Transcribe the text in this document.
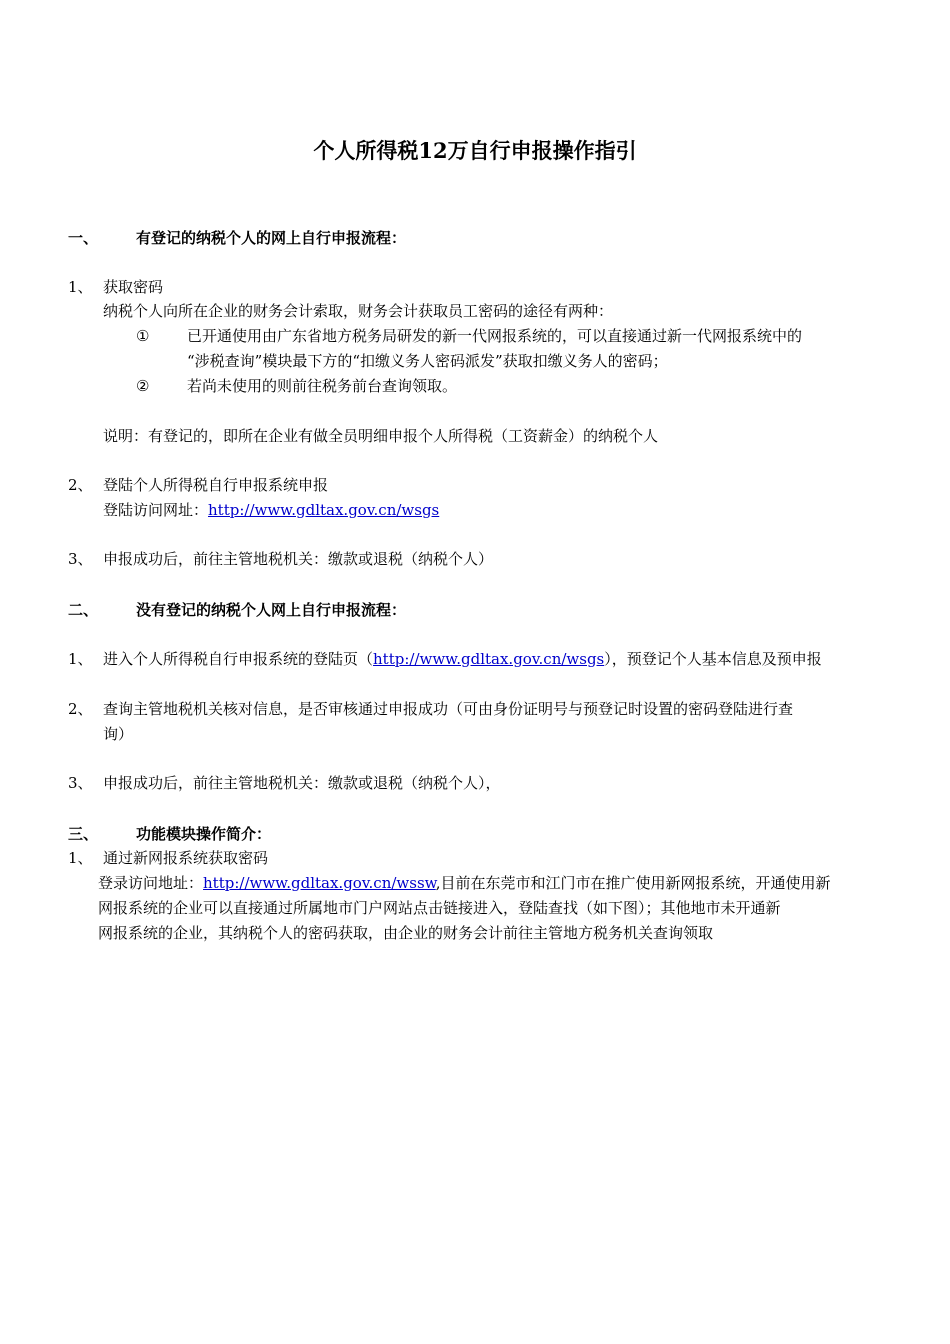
个人所得税12万自行申报操作指引
一、	有登记的纳税个人的网上自行申报流程：
1、 获取密码
纳税个人向所在企业的财务会计索取，财务会计获取员工密码的途径有两种：
①	已开通使用由广东省地方税务局研发的新一代网报系统的，可以直接通过新一代网报系统中的
“涉税查询”模块最下方的“扣缴义务人密码派发”获取扣缴义务人的密码；
②	若尚未使用的则前往税务前台查询领取。
说明：有登记的，即所在企业有做全员明细申报个人所得税（工资薪金）的纳税个人
2、 登陆个人所得税自行申报系统申报
登陆访问网址：http://www.gdltax.gov.cn/wsgs
3、 申报成功后，前往主管地税机关：缴款或退税（纳税个人）
二、	没有登记的纳税个人网上自行申报流程：
1、 进入个人所得税自行申报系统的登陆页（http://www.gdltax.gov.cn/wsgs），预登记个人基本信息及预申报
2、 查询主管地税机关核对信息，是否审核通过申报成功（可由身份证明号与预登记时设置的密码登陆进行查
询）
3、 申报成功后，前往主管地税机关：缴款或退税（纳税个人），
三、	功能模块操作简介：
1、 通过新网报系统获取密码
登录访问地址：http://www.gdltax.gov.cn/wssw,目前在东莞市和江门市在推广使用新网报系统，开通使用新
网报系统的企业可以直接通过所属地市门户网站点击链接进入，登陆查找（如下图）；其他地市未开通新
网报系统的企业，其纳税个人的密码获取，由企业的财务会计前往主管地方税务机关查询领取
